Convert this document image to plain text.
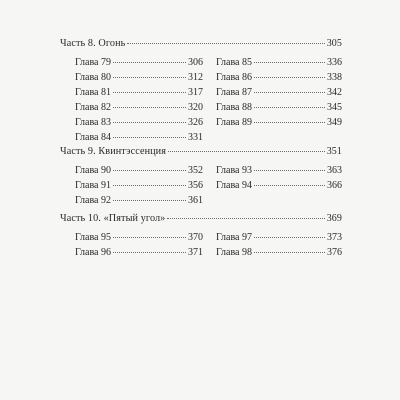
Часть 8. Огонь	305
Глава 79	306
Глава 80	312
Глава 81	317
Глава 82	320
Глава 83	326
Глава 84	331
Глава 85	336
Глава 86	338
Глава 87	342
Глава 88	345
Глава 89	349
Часть 9. Квинтэссенция	351
Глава 90	352
Глава 91	356
Глава 92	361
Глава 93	363
Глава 94	366
Часть 10. «Пятый угол»	369
Глава 95	370
Глава 96	371
Глава 97	373
Глава 98	376
